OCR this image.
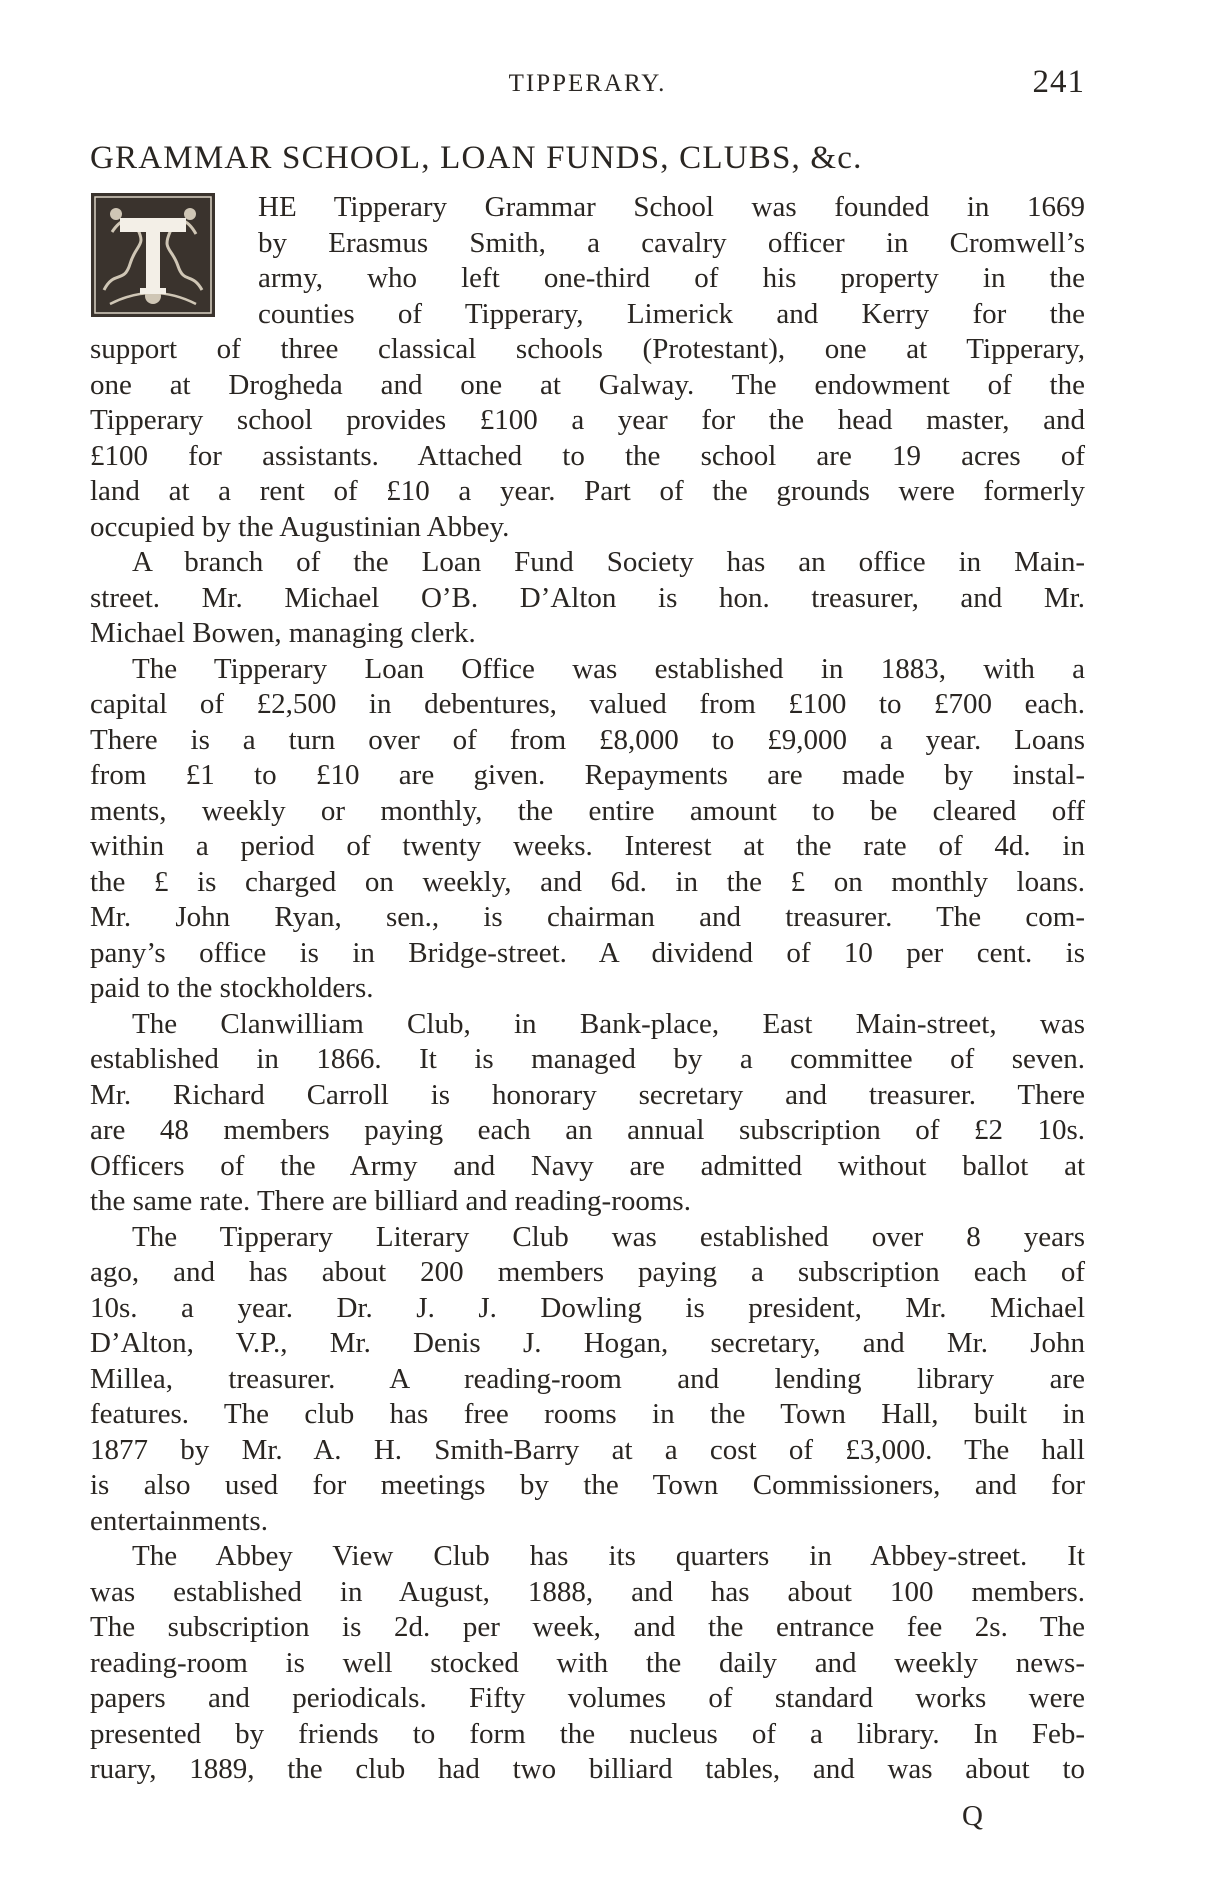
TIPPERARY.	241
GRAMMAR SCHOOL, LOAN FUNDS, CLUBS, &c.
HE Tipperary Grammar School was founded in 1669
by Erasmus Smith, a cavalry officer in Cromwell’s
army, who left one-third of his property in the
counties of Tipperary, Limerick and Kerry for the
support of three classical schools (Protestant), one at Tipperary,
one at Drogheda and one at Galway. The endowment of the
Tipperary school provides £100 a year for the head master, and
£100 for assistants. Attached to the school are 19 acres of
land at a rent of £10 a year. Part of the grounds were formerly
occupied by the Augustinian Abbey.
A branch of the Loan Fund Society has an office in Main-
street. Mr. Michael O’B. D’Alton is hon. treasurer, and Mr.
Michael Bowen, managing clerk.
The Tipperary Loan Office was established in 1883, with a
capital of £2,500 in debentures, valued from £100 to £700 each.
There is a turn over of from £8,000 to £9,000 a year. Loans
from £1 to £10 are given. Repayments are made by instal-
ments, weekly or monthly, the entire amount to be cleared off
within a period of twenty weeks. Interest at the rate of 4d. in
the £ is charged on weekly, and 6d. in the £ on monthly loans.
Mr. John Ryan, sen., is chairman and treasurer. The com-
pany’s office is in Bridge-street. A dividend of 10 per cent. is
paid to the stockholders.
The Clanwilliam Club, in Bank-place, East Main-street, was
established in 1866. It is managed by a committee of seven.
Mr. Richard Carroll is honorary secretary and treasurer. There
are 48 members paying each an annual subscription of £2 10s.
Officers of the Army and Navy are admitted without ballot at
the same rate. There are billiard and reading-rooms.
The Tipperary Literary Club was established over 8 years
ago, and has about 200 members paying a subscription each of
10s. a year. Dr. J. J. Dowling is president, Mr. Michael
D’Alton, V.P., Mr. Denis J. Hogan, secretary, and Mr. John
Millea, treasurer. A reading-room and lending library are
features. The club has free rooms in the Town Hall, built in
1877 by Mr. A. H. Smith-Barry at a cost of £3,000. The hall
is also used for meetings by the Town Commissioners, and for
entertainments.
The Abbey View Club has its quarters in Abbey-street. It
was established in August, 1888, and has about 100 members.
The subscription is 2d. per week, and the entrance fee 2s. The
reading-room is well stocked with the daily and weekly news-
papers and periodicals. Fifty volumes of standard works were
presented by friends to form the nucleus of a library. In Feb-
ruary, 1889, the club had two billiard tables, and was about to
Q
